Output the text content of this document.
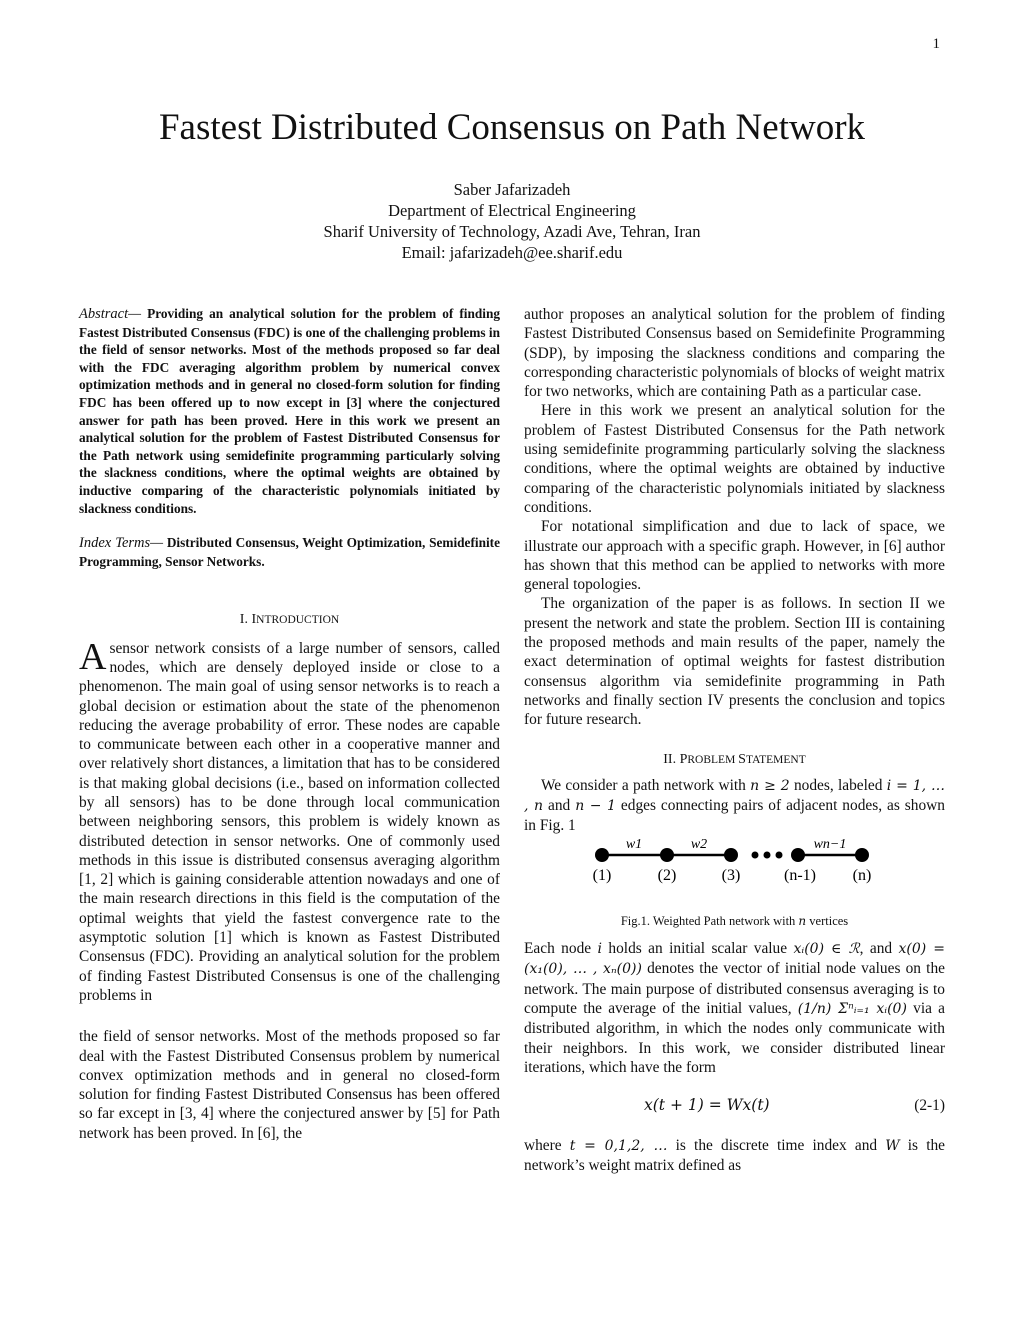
1
Fastest Distributed Consensus on Path Network
Saber Jafarizadeh
Department of Electrical Engineering
Sharif University of Technology, Azadi Ave, Tehran, Iran
Email: jafarizadeh@ee.sharif.edu

Abstract— Providing an analytical solution for the problem of finding Fastest Distributed Consensus (FDC) is one of the challenging problems in the field of sensor networks. Most of the methods proposed so far deal with the FDC averaging algorithm problem by numerical convex optimization methods and in general no closed-form solution for finding FDC has been offered up to now except in [3] where the conjectured answer for path has been proved. Here in this work we present an analytical solution for the problem of Fastest Distributed Consensus for the Path network using semidefinite programming particularly solving the slackness conditions, where the optimal weights are obtained by inductive comparing of the characteristic polynomials initiated by slackness conditions.

Index Terms— Distributed Consensus, Weight Optimization, Semidefinite Programming, Sensor Networks.

I. INTRODUCTION

Asensor network consists of a large number of sensors, called nodes, which are densely deployed inside or close to a phenomenon. The main goal of using sensor networks is to reach a global decision or estimation about the state of the phenomenon reducing the average probability of error. These nodes are capable to communicate between each other in a cooperative manner and over relatively short distances, a limitation that has to be considered is that making global decisions (i.e., based on information collected by all sensors) has to be done through local communication between neighboring sensors, this problem is widely known as distributed detection in sensor networks. One of commonly used methods in this issue is distributed consensus averaging algorithm [1, 2] which is gaining considerable attention nowadays and one of the main research directions in this field is the computation of the optimal weights that yield the fastest convergence rate to the asymptotic solution [1] which is known as Fastest Distributed Consensus (FDC). Providing an analytical solution for the problem of finding Fastest Distributed Consensus is one of the challenging problems in

the field of sensor networks. Most of the methods proposed so far deal with the Fastest Distributed Consensus problem by numerical convex optimization methods and in general no closed-form solution for finding Fastest Distributed Consensus has been offered so far except in [3, 4] where the conjectured answer by [5] for Path network has been proved. In [6], the

author proposes an analytical solution for the problem of finding Fastest Distributed Consensus based on Semidefinite Programming (SDP), by imposing the slackness conditions and comparing the corresponding characteristic polynomials of blocks of weight matrix for two networks, which are containing Path as a particular case.

Here in this work we present an analytical solution for the problem of Fastest Distributed Consensus for the Path network using semidefinite programming particularly solving the slackness conditions, where the optimal weights are obtained by inductive comparing of the characteristic polynomials initiated by slackness conditions.

For notational simplification and due to lack of space, we illustrate our approach with a specific graph. However, in [6] author has shown that this method can be applied to networks with more general topologies.

The organization of the paper is as follows. In section II we present the network and state the problem. Section III is containing the proposed methods and main results of the paper, namely the exact determination of optimal weights for fastest distribution consensus algorithm via semidefinite programming in Path networks and finally section IV presents the conclusion and topics for future research.

II. PROBLEM STATEMENT

We consider a path network with n ≥ 2 nodes, labeled i = 1, … , n and n − 1 edges connecting pairs of adjacent nodes, as shown in Fig. 1

(1)	(2)	(3)	(n-1) (n)
w1	w2	wn−1

Fig.1. Weighted Path network with n vertices

Each node i holds an initial scalar value xᵢ(0) ∈ ℛ, and x(0) = (x₁(0), … , xₙ(0)) denotes the vector of initial node values on the network. The main purpose of distributed consensus averaging is to compute the average of the initial values, (1/n) Σⁿᵢ₌₁ xᵢ(0) via a distributed algorithm, in which the nodes only communicate with their neighbors. In this work, we consider distributed linear iterations, which have the form

x(t + 1) = Wx(t)	(2-1)

where t = 0,1,2, … is the discrete time index and W is the network’s weight matrix defined as
